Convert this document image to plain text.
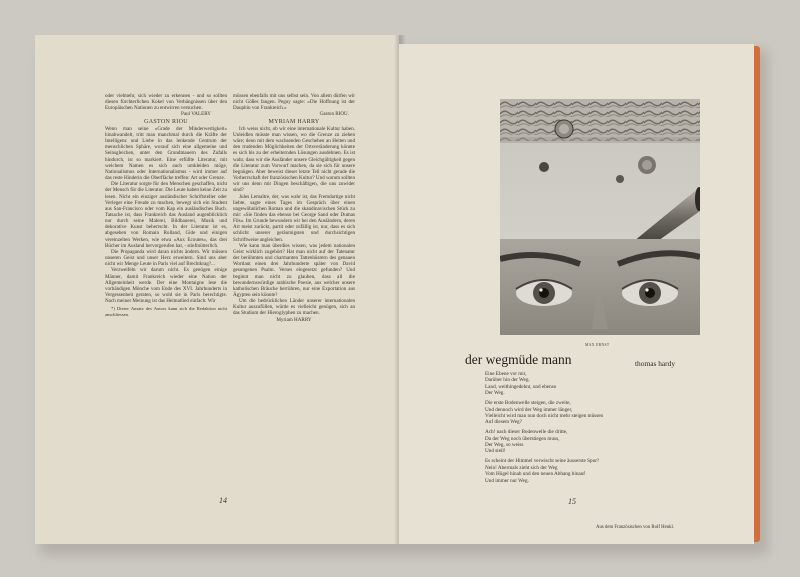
oder vielmehr, sich wieder zu erkennen - und so sollten diesen fürchterlichen Kokel von Verhängnissen über den Europäischen Nationen zu entwirren versuchen.

Paul VALERY
GASTON RIOU

Wenn man seine «Grade der Minderwertigkeit» hinabwandelt, tritt man manchmal durch die Kräfte der Intelligenz und Liebe in das lenkende Centrum der menschlichen Sphäre, worauf sich eine allgemeine und Seinsgleichen, unter den Grundmauern des Zufalls hindurch, ist so markiert. Eine erfüllte Literatur, mit welchem Namen es sich auch umkleiden möge, Nationalismus oder Internationalismus - wird immer auf das reste Hinderin die Oberfläche treffen: Art oder Grenze.

Die Literatur sorgte für den Menschen geschaffen, nicht der Mensch für die Literatur. Die Leute haben keine Zeit zu lesen. Nicht ein einziger ausländischer Schriftsteller oder Verleger eine Freude zu machen, bewegt sich ein Student aus San-Francisco oder vom Kap ein ausländisches Buch. Tatsache ist, dass Frankreich das Ausland augenblicklich nur durch seine Malerei, Bildhauerei, Musik und dekorative Kunst beherrscht. In der Literatur ist es, abgesehen von Romain Rolland, Gide und einigen vereinzelten Werken, wie etwa «Aux Ecoutes», das drei Bücher im Ausland hervorgerufen hat, - stiefmütterlich.

Die Propaganda wird daran nichts ändern. Wir müssen unseren Geist und unser Herz erweitern. Sind uns aber nicht wir Menge Leute in Paris viel auf Brechtkrag?...

Verzweifeln wir darum nicht. Es genügen einige Männer, damit Frankreich wieder eine Nation der Allgemeinheit werde. Der eine Montaigne lese die vorbändigen Mönche vom Ende des XVI. Jahrhunderts in Vergessenheit geraten, so wohl sie in Paris berechtigte. Nach meiner Meinung ist das Heimatlied einfach: Wir

*) Dieser Ansatz des Autors kann sich die Redaktion nicht anschliessen.

müssen ebenfalls mit uns selbst sein. Von allem dürfen wir nicht Gößes fangen. Peguy sagte: «Die Hoffnung ist der Dauphin von Frankreich.»

Gaston RIOU.
MYRIAM HARRY

Ich weiss nicht, ob wir eine internationale Kultur haben. Unleidlen müsste man wissen, wo die Grenze zu ziehen wäre; denn mit dem wachsenden Geschehen an Heiten und den trudenden Möglichkeiten der Ortsveränderung könnte es sich bis zu der erheiternden Lösungen ausdehnen. Es ist wahr, dass wir die Ausländer unsere Gleichgültigkeit gegen die Literatur zum Vorwurf machen, da sie sich für unsere begnügen. Aber beweist dieser letzte Teil nicht gerade die Vorherrschaft der französischen Kultur? Und warum sollten wir uns denn mit Dingen beschäftigen, die uns zuwider sind?

Jules Lemaître, der, was wahr ist, das Fremdartige nicht liebte, sagte eines Tages im Gespräch über einen ungewöhnlichen Roman und die skandinavischen Stück zu mir: «Sie finden das ebenso bei George Sand oder Dumas Fils». Im Grunde bewundern wir bei den Ausländern, deren Art meist zurückt, partit oder zufällig ist, nur, dass es sich schlicht unserer geräumigsten und durchsichtigen Schriftweise angleichen.

Wie kann man überdies wissen, was jedem nationalen Geist wirklich zugehört? Hat man nicht auf der Tatenatur der berühmten und charmanten Tattenhüsrern des genauen Wortlaut einen drei Jahrhunderte später von David gesungenen Psalm. Verses eingesetzt gefunden? Und beginnt man nicht zu glauben, dass all die bewundernswürdige arabische Poesie, aus welcher unsere katholischen Bräuche herrühren, nur eine Exportation aus Ägypten sein könnte?

Um die bedrücklichen Länder unserer internationalen Kultur auszufüllen, würde es vielleicht genügen, sich an das Studium der Hieroglyphen zu machen.

Myriam HARRY
14
MAX ERNST
der wegmüde mann	thomas hardy
Eine Ebene vor mir,
Darüber hin der Weg.
Land, weithingedehnt, und ebenso
Der Weg.
Die erste Bodenwelle steigen, die zweite,
Und dennoch wird der Weg immer länger,
Vielleicht wird man nun doch nicht mehr steigen müssen
Auf diesem Weg?
Ach! nach dieser Bodenwelle die dritte,
Da der Weg noch überstiegen muss,
Der Weg, so weiss
Und steil!
Es scheint der Himmel verwischt seine äusserste Spur?
Nein! Abermals zieht sich der Weg
Vom Hügel hinab und den neuen Abhang hinauf
Und immer nur Weg.
Aus dem Französischen von Rolf Henkl.
15
